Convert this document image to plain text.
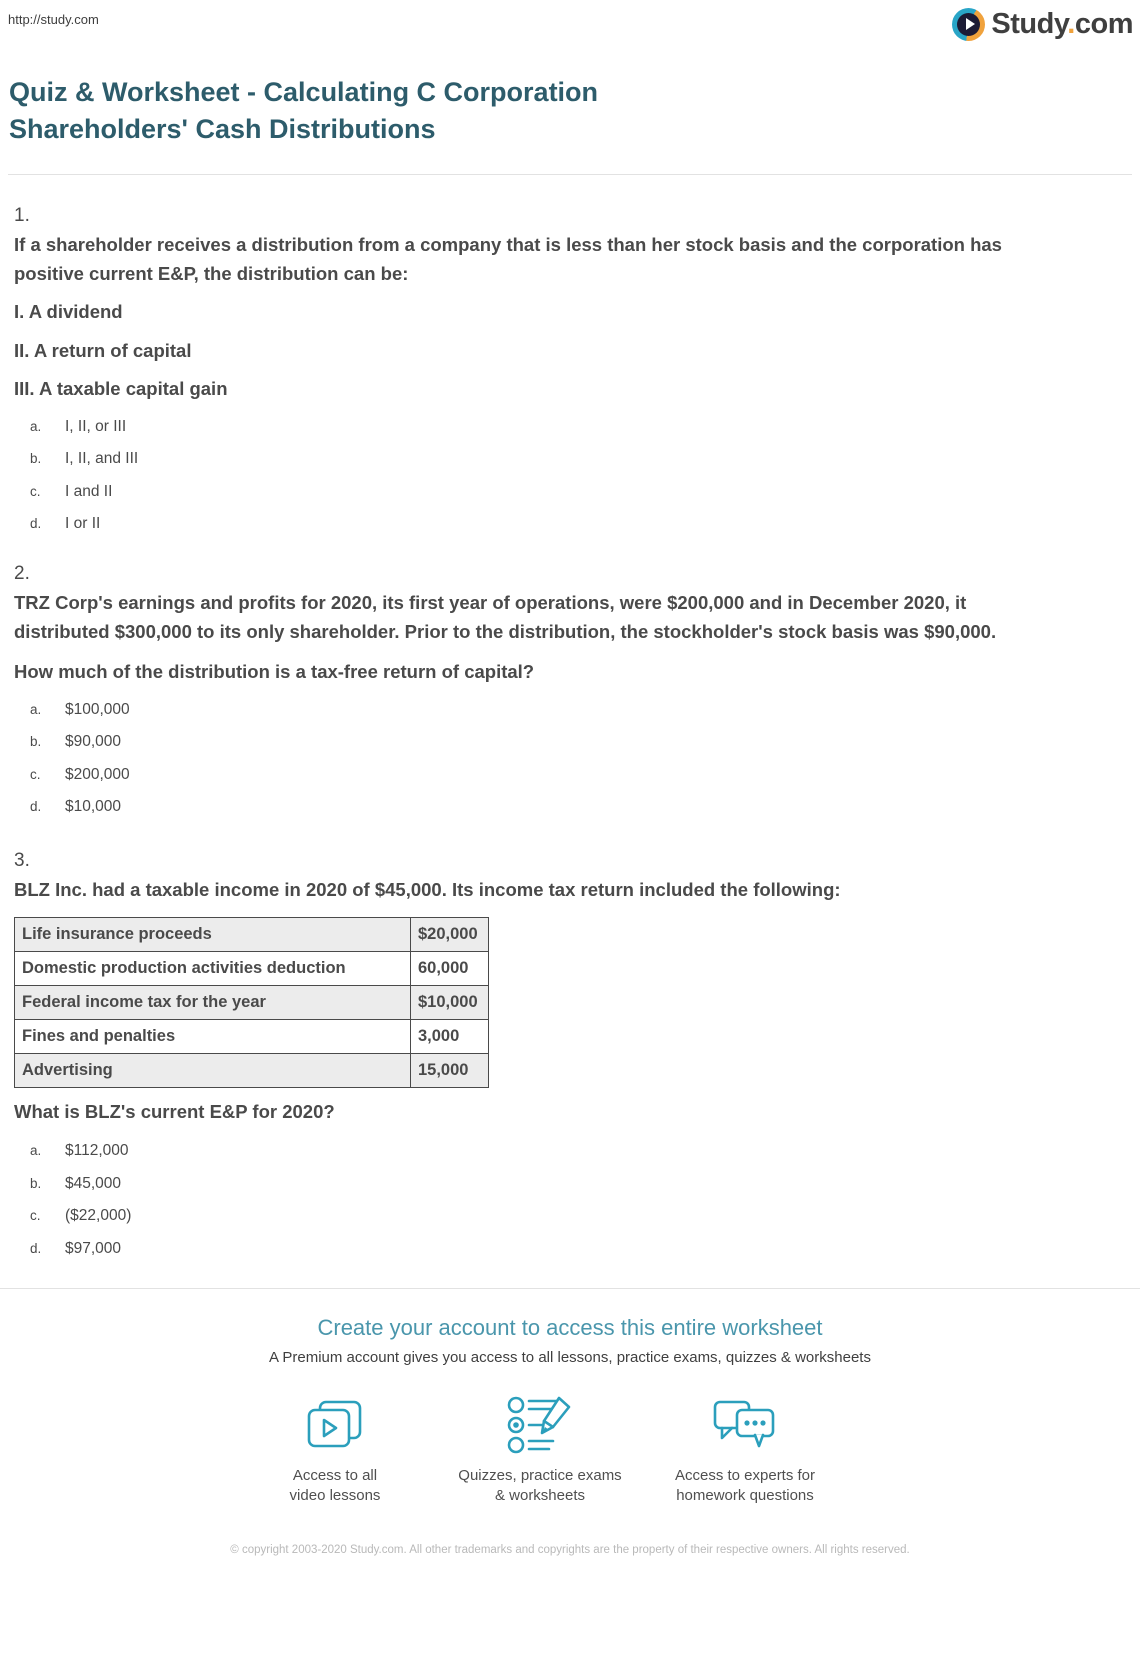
http://study.com	Study.com
Quiz & Worksheet - Calculating C Corporation Shareholders' Cash Distributions
1.

If a shareholder receives a distribution from a company that is less than her stock basis and the corporation has positive current E&P, the distribution can be:

I. A dividend

II. A return of capital

III. A taxable capital gain

a. I, II, or III
b. I, II, and III
c. I and II
d. I or II
2.

TRZ Corp's earnings and profits for 2020, its first year of operations, were $200,000 and in December 2020, it distributed $300,000 to its only shareholder. Prior to the distribution, the stockholder's stock basis was $90,000.

How much of the distribution is a tax-free return of capital?

a. $100,000
b. $90,000
c. $200,000
d. $10,000
3.

BLZ Inc. had a taxable income in 2020 of $45,000. Its income tax return included the following:

Life insurance proceeds	$20,000
Domestic production activities deduction	60,000
Federal income tax for the year	$10,000
Fines and penalties	3,000
Advertising	15,000

What is BLZ's current E&P for 2020?

a. $112,000
b. $45,000
c. ($22,000)
d. $97,000
Create your account to access this entire worksheet

A Premium account gives you access to all lessons, practice exams, quizzes & worksheets

Access to all
video lessons
Quizzes, practice exams
& worksheets
Access to experts for
homework questions

© copyright 2003-2020 Study.com. All other trademarks and copyrights are the property of their respective owners. All rights reserved.
